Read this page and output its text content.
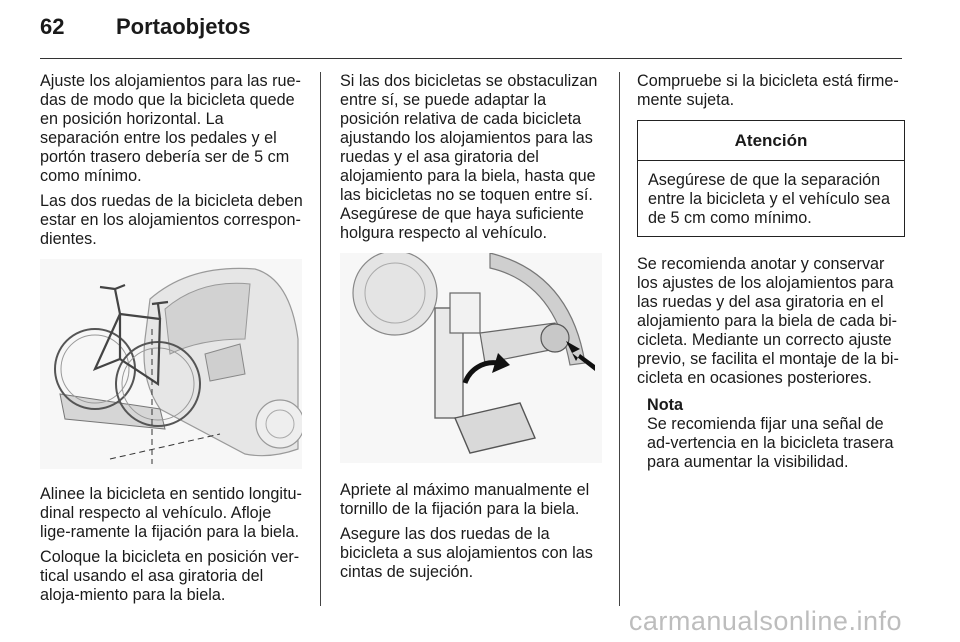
62	Portaobjetos

Ajuste los alojamientos para las rue-das de modo que la bicicleta quede en posición horizontal. La separación entre los pedales y el portón trasero debería ser de 5 cm como mínimo.

Las dos ruedas de la bicicleta deben estar en los alojamientos correspon-dientes.

Alinee la bicicleta en sentido longitu-dinal respecto al vehículo. Afloje lige-ramente la fijación para la biela.

Coloque la bicicleta en posición ver-tical usando el asa giratoria del aloja-miento para la biela.

Si las dos bicicletas se obstaculizan entre sí, se puede adaptar la posición relativa de cada bicicleta ajustando los alojamientos para las ruedas y el asa giratoria del alojamiento para la biela, hasta que las bicicletas no se toquen entre sí. Asegúrese de que haya suficiente holgura respecto al vehículo.

Apriete al máximo manualmente el tornillo de la fijación para la biela.

Asegure las dos ruedas de la bicicleta a sus alojamientos con las cintas de sujeción.

Compruebe si la bicicleta está firme-mente sujeta.

Atención
Asegúrese de que la separación entre la bicicleta y el vehículo sea de 5 cm como mínimo.

Se recomienda anotar y conservar los ajustes de los alojamientos para las ruedas y del asa giratoria en el alojamiento para la biela de cada bi-cicleta. Mediante un correcto ajuste previo, se facilita el montaje de la bi-cicleta en ocasiones posteriores.

Nota
Se recomienda fijar una señal de ad-vertencia en la bicicleta trasera para aumentar la visibilidad.
carmanualsonline.info
